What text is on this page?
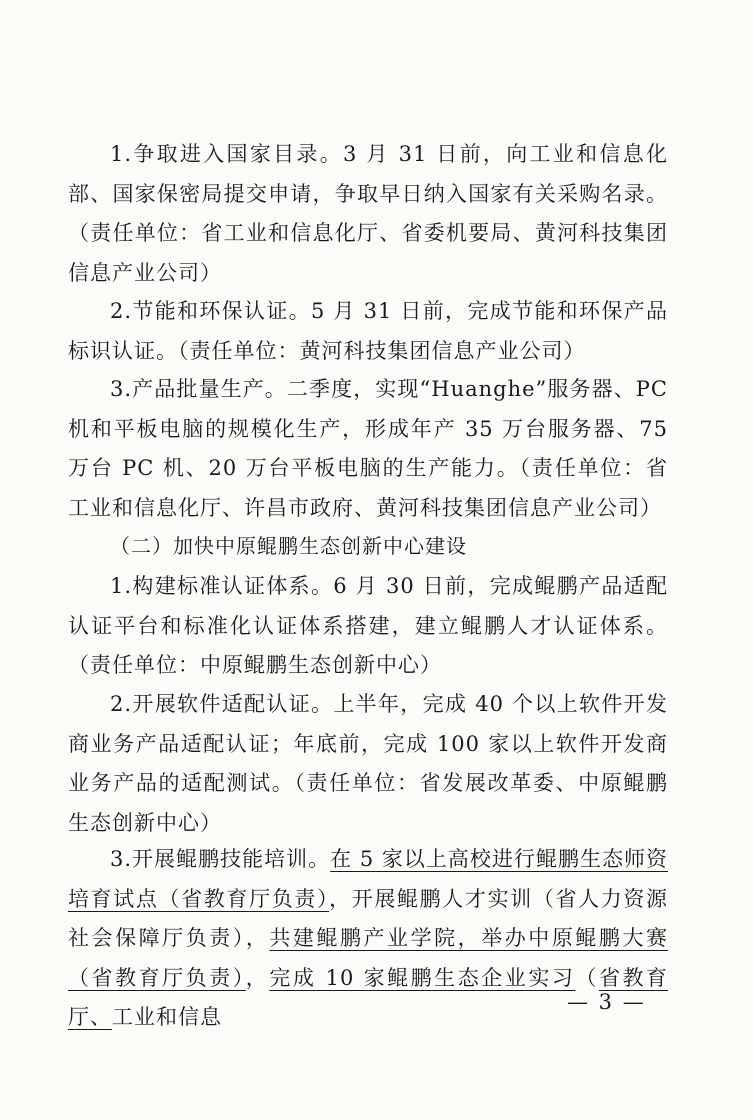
1.争取进入国家目录。3 月 31 日前，向工业和信息化部、国家保密局提交申请，争取早日纳入国家有关采购名录。（责任单位：省工业和信息化厅、省委机要局、黄河科技集团信息产业公司）

2.节能和环保认证。5 月 31 日前，完成节能和环保产品标识认证。（责任单位：黄河科技集团信息产业公司）

3.产品批量生产。二季度，实现“Huanghe”服务器、PC 机和平板电脑的规模化生产，形成年产 35 万台服务器、75 万台 PC 机、20 万台平板电脑的生产能力。（责任单位：省工业和信息化厅、许昌市政府、黄河科技集团信息产业公司）

（二）加快中原鲲鹏生态创新中心建设

1.构建标准认证体系。6 月 30 日前，完成鲲鹏产品适配认证平台和标准化认证体系搭建，建立鲲鹏人才认证体系。（责任单位：中原鲲鹏生态创新中心）

2.开展软件适配认证。上半年，完成 40 个以上软件开发商业务产品适配认证；年底前，完成 100 家以上软件开发商业务产品的适配测试。（责任单位：省发展改革委、中原鲲鹏生态创新中心）

3.开展鲲鹏技能培训。在 5 家以上高校进行鲲鹏生态师资培育试点（省教育厅负责），开展鲲鹏人才实训（省人力资源社会保障厅负责），共建鲲鹏产业学院，举办中原鲲鹏大赛（省教育厅负责），完成 10 家鲲鹏生态企业实习（省教育厅、工业和信息

— 3 —
